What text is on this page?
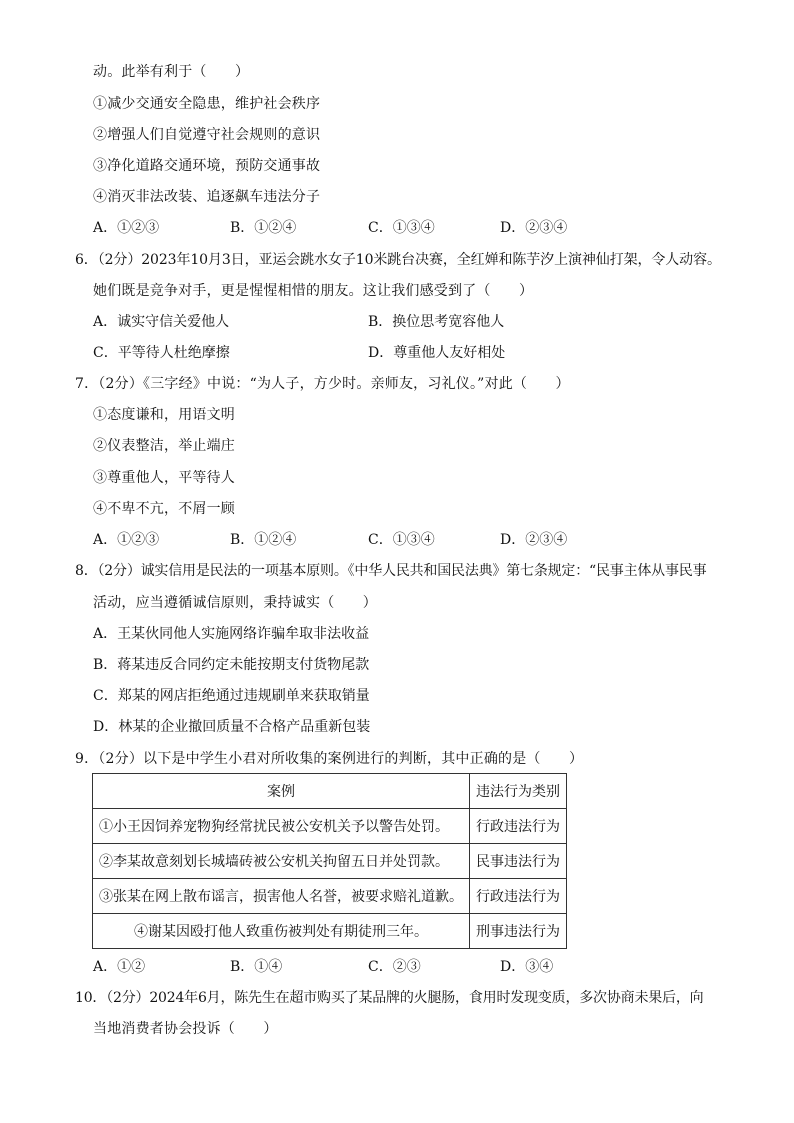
动。此举有利于（　　）
①减少交通安全隐患，维护社会秩序
②增强人们自觉遵守社会规则的意识
③净化道路交通环境，预防交通事故
④消灭非法改装、追逐飙车违法分子
A．①②③	B．①②④	C．①③④	D．②③④
6．（2分）2023年10月3日，亚运会跳水女子10米跳台决赛，全红婵和陈芋汐上演神仙打架，令人动容。
她们既是竞争对手，更是惺惺相惜的朋友。这让我们感受到了（　　）
A．诚实守信关爱他人	B．换位思考宽容他人
C．平等待人杜绝摩擦	D．尊重他人友好相处
7．（2分）《三字经》中说：“为人子，方少时。亲师友，习礼仪。”对此（　　）
①态度谦和，用语文明
②仪表整洁，举止端庄
③尊重他人，平等待人
④不卑不亢，不屑一顾
A．①②③	B．①②④	C．①③④	D．②③④
8．（2分）诚实信用是民法的一项基本原则。《中华人民共和国民法典》第七条规定：“民事主体从事民事
活动，应当遵循诚信原则，秉持诚实（　　）
A．王某伙同他人实施网络诈骗牟取非法收益
B．蒋某违反合同约定未能按期支付货物尾款
C．郑某的网店拒绝通过违规刷单来获取销量
D．林某的企业撤回质量不合格产品重新包装
9．（2分）以下是中学生小君对所收集的案例进行的判断，其中正确的是（　　）
案例	违法行为类别
①小王因饲养宠物狗经常扰民被公安机关予以警告处罚。	行政违法行为
②李某故意刻划长城墙砖被公安机关拘留五日并处罚款。	民事违法行为
③张某在网上散布谣言，损害他人名誉，被要求赔礼道歉。	行政违法行为
④谢某因殴打他人致重伤被判处有期徒刑三年。	刑事违法行为
A．①②	B．①④	C．②③	D．③④
10．（2分）2024年6月，陈先生在超市购买了某品牌的火腿肠，食用时发现变质，多次协商未果后，向
当地消费者协会投诉（　　）
